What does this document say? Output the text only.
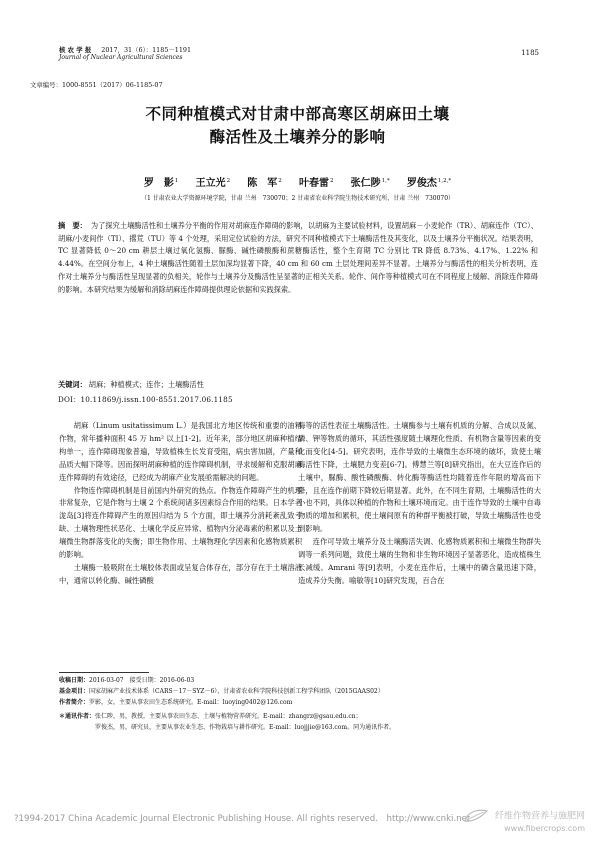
核 农 学 报 2017，31（6）：1185－1191
Journal of Nuclear Agricultural Sciences
1185
文章编号：1000-8551（2017）06-1185-07
不同种植模式对甘肃中部高寒区胡麻田土壤
酶活性及土壤养分的影响
罗　影$^1$ 王立光$^2$ 陈　军$^2$ 叶春雷$^2$ 张仁陟$^{1,*}$ 罗俊杰$^{1,2,*}$
（1 甘肃农业大学资源环境学院，甘肃 兰州　730070；2 甘肃省农业科学院生物技术研究所，甘肃 兰州　730070）
摘　要： 为了探究土壤酶活性和土壤养分平衡的作用对胡麻连作障碍的影响，以胡麻为主要试验材料，设置胡麻－小麦轮作（TR）、胡麻连作（TC）、胡麻/小麦间作（TI）、撂荒（TU）等 4 个处理，采用定位试验的方法，研究不同种植模式下土壤酶活性及其变化，以及土壤养分平衡状况。结果表明，TC 显著降低 0～20 cm 耕层土壤过氧化氢酶、脲酶、碱性磷酸酶和蔗糖酶活性，整个生育期 TC 分别比 TR 降低 8.73%、4.17%、1.22% 和 4.44%。在空间分布上，4 种土壤酶活性随着土层加深均显著下降，40 cm 和 60 cm 土层处理间差异不显著。土壤养分与酶活性的相关分析表明，连作对土壤养分与酶活性呈现显著的负相关，轮作与土壤养分及酶活性呈显著的正相关关系。轮作、间作等种植模式可在不同程度上缓解、消除连作障碍的影响。本研究结果为缓解和消除胡麻连作障碍提供理论依据和实践探索。
关键词： 胡麻；种植模式；连作；土壤酶活性
DOI：10.11869/j.issn.100-8551.2017.06.1185

胡麻（Linum usitatissimum L.）是我国北方地区传统和重要的油料作物，常年播种面积 45 万 hm² 以上[1-2]。近年来，部分地区胡麻种植结构单一，连作障碍现象普遍，导致植株生长发育受阻，病虫害加剧，产量和品质大幅下降等。因而探明胡麻种植的连作障碍机制，寻求缓解和克服胡麻连作障碍的有效途径，已经成为胡麻产业发展亟需解决的问题。

作物连作障碍机制是目前国内外研究的热点。作物连作障碍产生的机理非常复杂，它是作物与土壤 2 个系统间诸多因素综合作用的结果。日本学者泷岛[3]将连作障碍产生的原因归结为 5 个方面，即土壤养分消耗紊乱致亏缺、土壤物理性状恶化、土壤化学反应异常、植物内分泌毒素的积累以及土壤微生物群落变化的失衡；即生物作用、土壤物理化学因素和化感物质累积的影响。

土壤酶一般吸附在土壤胶体表面或呈复合体存在，部分存在于土壤溶液中，通常以转化酶、碱性磷酸

酶等的活性表征土壤酶活性。土壤酶参与土壤有机质的分解、合成以及氮、磷、钾等物质的循环，其活性强度随土壤理化性质、有机物含量等因素的变化而变化[4-5]。研究表明，连作导致的土壤微生态环境的破坏，致使土壤酶活性下降，土壤肥力变差[6-7]。傅慧兰等[8]研究指出，在大豆连作后的土壤中，脲酶、酸性磷酸酶、转化酶等酶活性均随着连作年限的增高而下降，且在连作前期下降较后期显著。此外，在不同生育期，土壤酶活性的大小也不同，具体以种植的作物和土壤环境而定。由于连作导致的土壤中自毒物质的增加和累积，使土壤间原有的种群平衡被打破，导致土壤酶活性也受到影响。

连作可导致土壤养分及土壤酶活失调、化感物质累积和土壤微生物群失调等一系列问题，致使土壤的生物和非生物环境因子显著恶化，造成植株生长减缓。Amrani 等[9]表明，小麦在连作后，土壤中的磷含量迅速下降，造成养分失衡。喻敏等[10]研究发现，百合在

收稿日期：2016-03-07　接受日期：2016-06-03
基金项目：国家胡麻产业技术体系（CARS－17－SYZ－6），甘肃省农业科学院科技创新工程学科团队（2015GAAS02）
作者简介：罗影，女，主要从事农田生态系统研究。E-mail：luoying0402@126.com
＊通讯作者：张仁陟，男，教授，主要从事农田生态、土壤与植物营养研究。E-mail：zhangrz@gsau.edu.cn；
罗俊杰，男，研究员，主要从事农业生态、作物栽培与耕作研究。E-mail：luojjjie@163.com。同为通讯作者。
?1994-2017 China Academic Journal Electronic Publishing House. All rights reserved.　http://www.cnki.net	纤维作物营养与施肥网
www.fibercrops.com
